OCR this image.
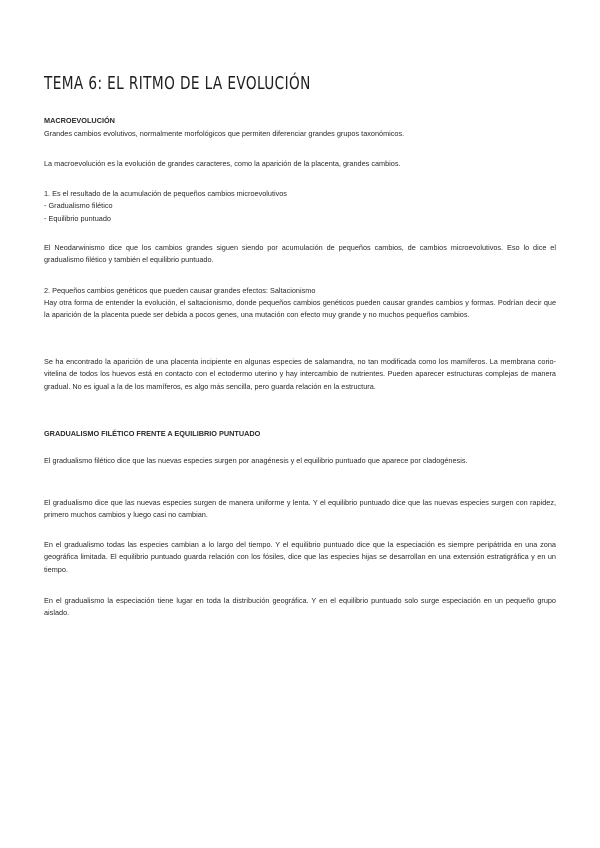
TEMA 6: EL RITMO DE LA EVOLUCIÓN
MACROEVOLUCIÓN
Grandes cambios evolutivos, normalmente morfológicos que permiten diferenciar grandes grupos taxonómicos.
La macroevolución es la evolución de grandes caracteres, como la aparición de la placenta, grandes cambios.
1. Es el resultado de la acumulación de pequeños cambios microevolutivos
- Gradualismo filético
- Equilibrio puntuado
El Neodarwinismo dice que los cambios grandes siguen siendo por acumulación de pequeños cambios, de cambios microevolutivos. Eso lo dice el gradualismo filético y también el equilibrio puntuado.
2. Pequeños cambios genéticos que pueden causar grandes efectos: Saltacionismo
Hay otra forma de entender la evolución, el saltacionismo, donde pequeños cambios genéticos pueden causar grandes cambios y formas. Podrían decir que la aparición de la placenta puede ser debida a pocos genes, una mutación con efecto muy grande y no muchos pequeños cambios.
Se ha encontrado la aparición de una placenta incipiente en algunas especies de salamandra, no tan modificada como los mamíferos. La membrana corio-vitelina de todos los huevos está en contacto con el ectodermo uterino y hay intercambio de nutrientes. Pueden aparecer estructuras complejas de manera gradual. No es igual a la de los mamíferos, es algo más sencilla, pero guarda relación en la estructura.
GRADUALISMO FILÉTICO FRENTE A EQUILIBRIO PUNTUADO
El gradualismo filético dice que las nuevas especies surgen por anagénesis y el equilibrio puntuado que aparece por cladogénesis.
El gradualismo dice que las nuevas especies surgen de manera uniforme y lenta. Y el equilibrio puntuado dice que las nuevas especies surgen con rapidez, primero muchos cambios y luego casi no cambian.
En el gradualismo todas las especies cambian a lo largo del tiempo. Y el equilibrio puntuado dice que la especiación es siempre peripátrida en una zona geográfica limitada. El equilibrio puntuado guarda relación con los fósiles, dice que las especies hijas se desarrollan en una extensión estratigráfica y en un tiempo.
En el gradualismo la especiación tiene lugar en toda la distribución geográfica. Y en el equilibrio puntuado solo surge especiación en un pequeño grupo aislado.
